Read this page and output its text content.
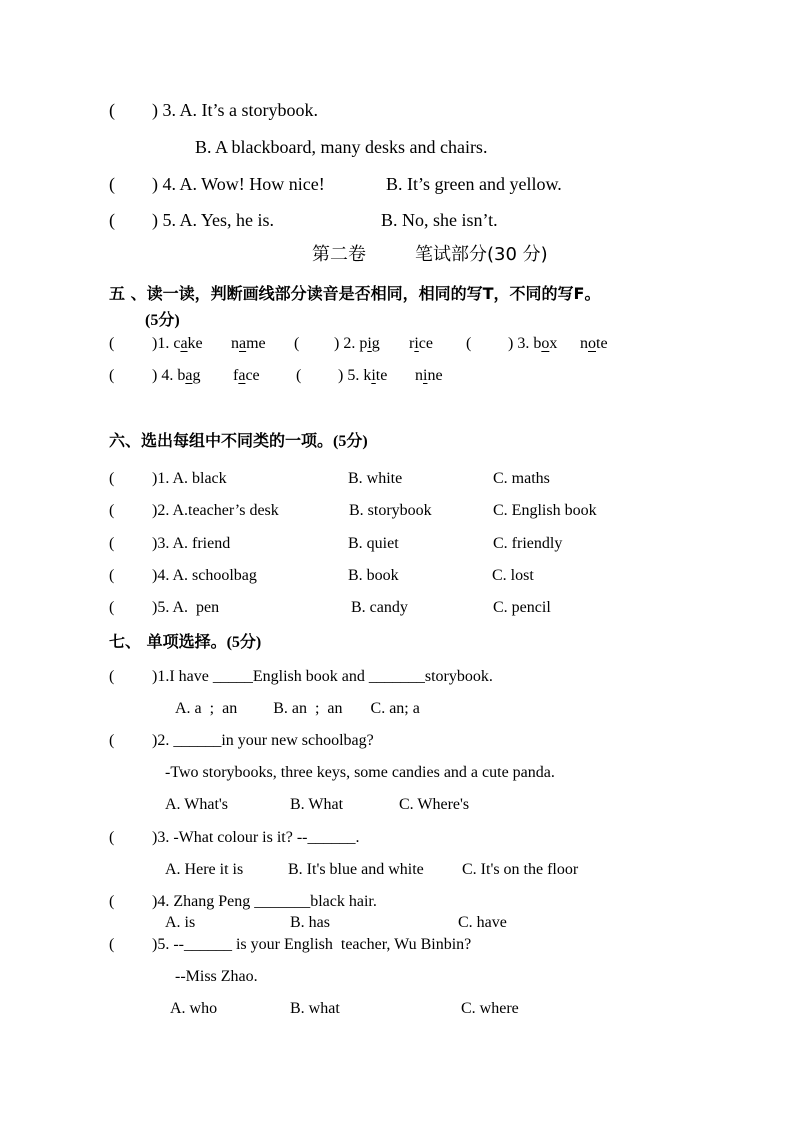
( ) 3. A. It’s a storybook.
B. A blackboard, many desks and chairs.
( ) 4. A. Wow! How nice!	B. It’s green and yellow.
( ) 5. A. Yes, he is.	B. No, she isn’t.
第二卷	笔试部分(30 分)
五 、读一读，判断画线部分读音是否相同，相同的写T，不同的写F。
(5分)
( )1. cake name ( ) 2. pig rice ( ) 3. box note
( ) 4. bag face ( ) 5. kite nine
六、选出每组中不同类的一项。(5分)
( )1. A. black	B. white	C. maths
( )2. A.teacher’s desk	B. storybook	C. English book
( )3. A. friend	B. quiet	C. friendly
( )4. A. schoolbag	B. book	C. lost
( )5. A.  pen	B. candy	C. pencil
七、 单项选择。(5分)
( )1.I have _____English book and _______storybook.
A. a  ;  an         B. an  ;  an       C. an; a
( )2. ______in your new schoolbag?
-Two storybooks, three keys, some candies and a cute panda.
A. What's	B. What	C. Where's
( )3. -What colour is it? --______.
A. Here it is	B. It's blue and white C. It's on the floor
( )4. Zhang Peng _______black hair.
A. is	B. has	C. have
( )5. --______ is your English  teacher, Wu Binbin?
--Miss Zhao.
A. who	B. what	C. where
